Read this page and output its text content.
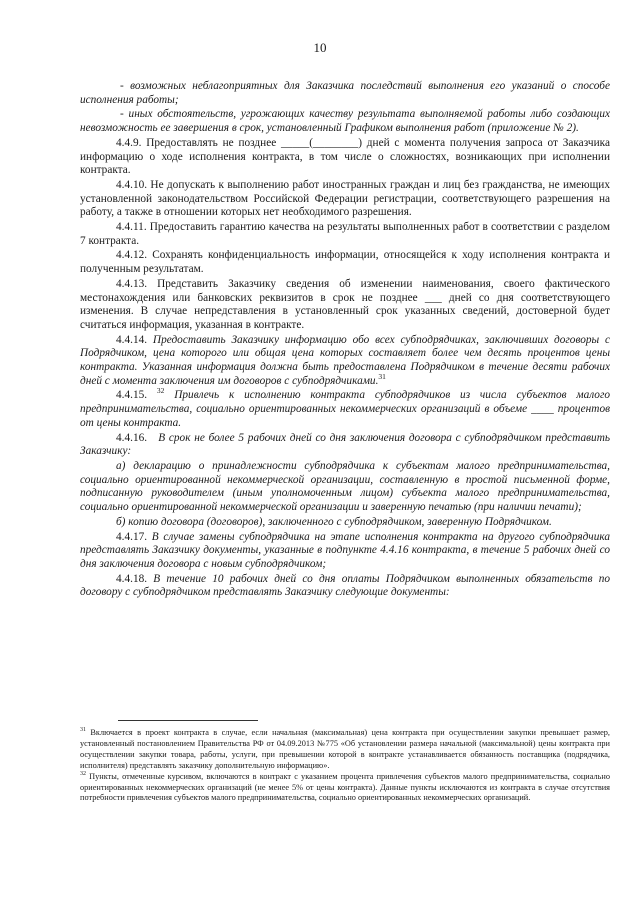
10

- возможных неблагоприятных для Заказчика последствий выполнения его указаний о способе исполнения работы;

- иных обстоятельств, угрожающих качеству результата выполняемой работы либо создающих невозможность ее завершения в срок, установленный Графиком выполнения работ (приложение № 2).

4.4.9. Предоставлять не позднее _____(________) дней с момента получения запроса от Заказчика информацию о ходе исполнения контракта, в том числе о сложностях, возникающих при исполнении контракта.

4.4.10. Не допускать к выполнению работ иностранных граждан и лиц без гражданства, не имеющих установленной законодательством Российской Федерации регистрации, соответствующего разрешения на работу, а также в отношении которых нет необходимого разрешения.

4.4.11. Предоставить гарантию качества на результаты выполненных работ в соответствии с разделом 7 контракта.

4.4.12. Сохранять конфиденциальность информации, относящейся к ходу исполнения контракта и полученным результатам.

4.4.13. Представить Заказчику сведения об изменении наименования, своего фактического местонахождения или банковских реквизитов в срок не позднее ___ дней со дня соответствующего изменения. В случае непредставления в установленный срок указанных сведений, достоверной будет считаться информация, указанная в контракте.

4.4.14. Предоставить Заказчику информацию обо всех субподрядчиках, заключивших договоры с Подрядчиком, цена которого или общая цена которых составляет более чем десять процентов цены контракта. Указанная информация должна быть предоставлена Подрядчиком в течение десяти рабочих дней с момента заключения им договоров с субподрядчиками.$^{31}$

4.4.15. $^{32}$ Привлечь к исполнению контракта субподрядчиков из числа субъектов малого предпринимательства, социально ориентированных некоммерческих организаций в объеме ____ процентов от цены контракта.

4.4.16. В срок не более 5 рабочих дней со дня заключения договора с субподрядчиком представить Заказчику:

а) декларацию о принадлежности субподрядчика к субъектам малого предпринимательства, социально ориентированной некоммерческой организации, составленную в простой письменной форме, подписанную руководителем (иным уполномоченным лицом) субъекта малого предпринимательства, социально ориентированной некоммерческой организации и заверенную печатью (при наличии печати);

б) копию договора (договоров), заключенного с субподрядчиком, заверенную Подрядчиком.

4.4.17. В случае замены субподрядчика на этапе исполнения контракта на другого субподрядчика представлять Заказчику документы, указанные в подпункте 4.4.16 контракта, в течение 5 рабочих дней со дня заключения договора с новым субподрядчиком;

4.4.18. В течение 10 рабочих дней со дня оплаты Подрядчиком выполненных обязательств по договору с субподрядчиком представлять Заказчику следующие документы:

$^{31}$ Включается в проект контракта в случае, если начальная (максимальная) цена контракта при осуществлении закупки превышает размер, установленный постановлением Правительства РФ от 04.09.2013 №775 «Об установлении размера начальной (максимальной) цены контракта при осуществлении закупки товара, работы, услуги, при превышении которой в контракте устанавливается обязанность поставщика (подрядчика, исполнителя) представлять заказчику дополнительную информацию».

$^{32}$ Пункты, отмеченные курсивом, включаются в контракт с указанием процента привлечения субъектов малого предпринимательства, социально ориентированных некоммерческих организаций (не менее 5% от цены контракта). Данные пункты исключаются из контракта в случае отсутствия потребности привлечения субъектов малого предпринимательства, социально ориентированных некоммерческих организаций.
